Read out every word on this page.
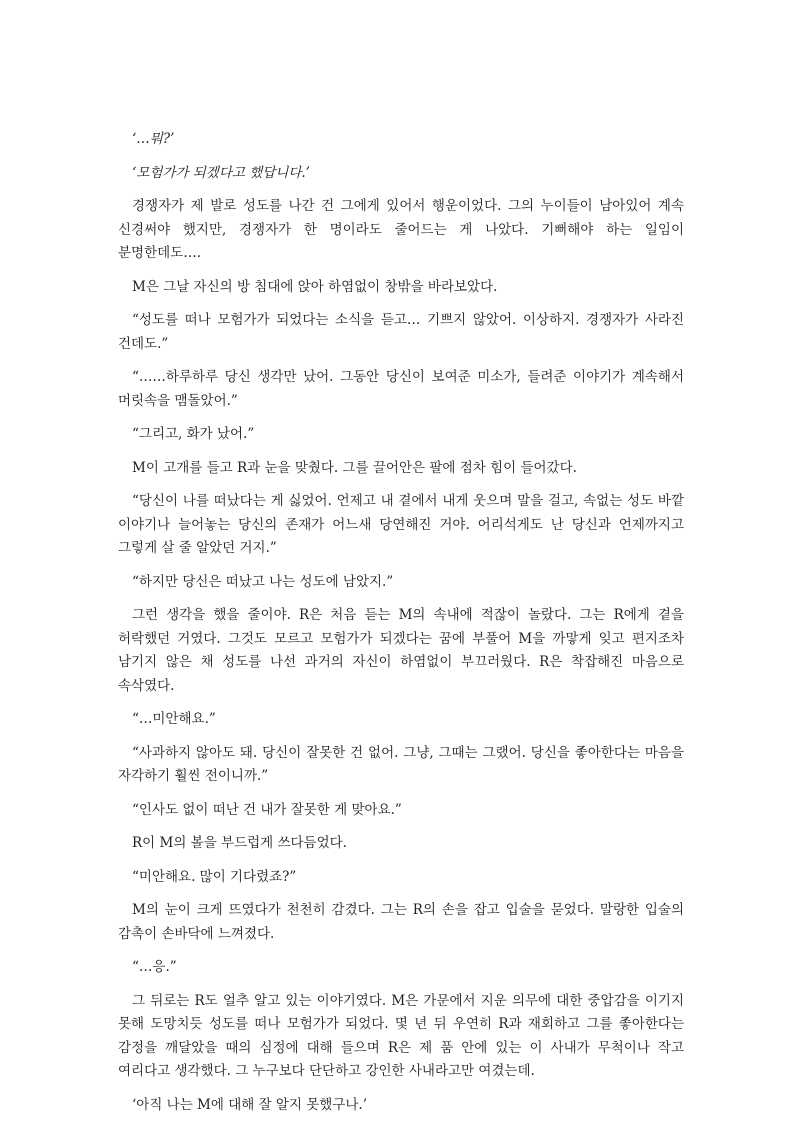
‘…뭐?’

‘모험가가 되겠다고 했답니다.’

경쟁자가 제 발로 성도를 나간 건 그에게 있어서 행운이었다. 그의 누이들이 남아있어 계속 신경써야 했지만, 경쟁자가 한 명이라도 줄어드는 게 나았다. 기뻐해야 하는 일임이 분명한데도….

M은 그날 자신의 방 침대에 앉아 하염없이 창밖을 바라보았다.

“성도를 떠나 모험가가 되었다는 소식을 듣고… 기쁘지 않았어. 이상하지. 경쟁자가 사라진 건데도.”

“……하루하루 당신 생각만 났어. 그동안 당신이 보여준 미소가, 들려준 이야기가 계속해서 머릿속을 맴돌았어.”

“그리고, 화가 났어.”

M이 고개를 들고 R과 눈을 맞췄다. 그를 끌어안은 팔에 점차 힘이 들어갔다.

“당신이 나를 떠났다는 게 싫었어. 언제고 내 곁에서 내게 웃으며 말을 걸고, 속없는 성도 바깥 이야기나 늘어놓는 당신의 존재가 어느새 당연해진 거야. 어리석게도 난 당신과 언제까지고 그렇게 살 줄 알았던 거지.”

“하지만 당신은 떠났고 나는 성도에 남았지.”

그런 생각을 했을 줄이야. R은 처음 듣는 M의 속내에 적잖이 놀랐다. 그는 R에게 곁을 허락했던 거였다. 그것도 모르고 모험가가 되겠다는 꿈에 부풀어 M을 까맣게 잊고 편지조차 남기지 않은 채 성도를 나선 과거의 자신이 하염없이 부끄러웠다. R은 착잡해진 마음으로 속삭였다.

“…미안해요.”

“사과하지 않아도 돼. 당신이 잘못한 건 없어. 그냥, 그때는 그랬어. 당신을 좋아한다는 마음을 자각하기 훨씬 전이니까.”

“인사도 없이 떠난 건 내가 잘못한 게 맞아요.”

R이 M의 볼을 부드럽게 쓰다듬었다.

“미안해요. 많이 기다렸죠?”

M의 눈이 크게 뜨였다가 천천히 감겼다. 그는 R의 손을 잡고 입술을 묻었다. 말랑한 입술의 감촉이 손바닥에 느껴졌다.

“…응.”

그 뒤로는 R도 얼추 알고 있는 이야기였다. M은 가문에서 지운 의무에 대한 중압감을 이기지 못해 도망치듯 성도를 떠나 모험가가 되었다. 몇 년 뒤 우연히 R과 재회하고 그를 좋아한다는 감정을 깨달았을 때의 심정에 대해 들으며 R은 제 품 안에 있는 이 사내가 무척이나 작고 여리다고 생각했다. 그 누구보다 단단하고 강인한 사내라고만 여겼는데.

‘아직 나는 M에 대해 잘 알지 못했구나.’
